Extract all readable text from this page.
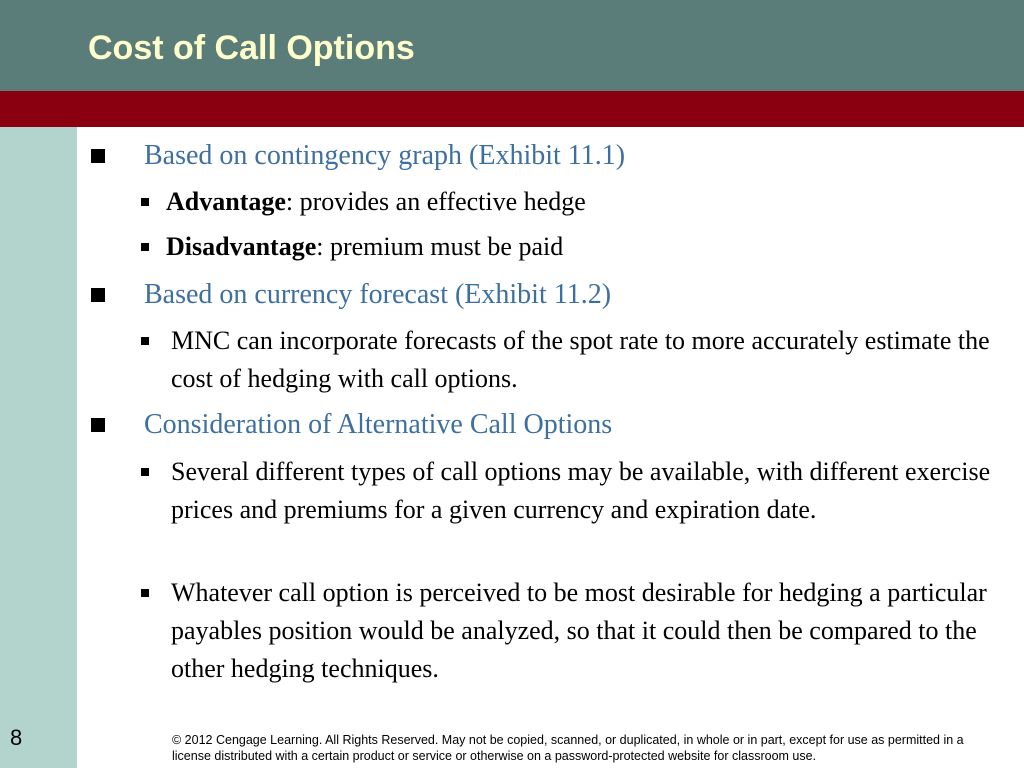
Cost of Call Options
8
Based on contingency graph (Exhibit 11.1)
Advantage: provides an effective hedge
Disadvantage: premium must be paid
Based on currency forecast (Exhibit 11.2)
MNC can incorporate forecasts of the spot rate to more accurately estimate the cost of hedging with call options.
Consideration of Alternative Call Options
Several different types of call options may be available, with different exercise prices and premiums for a given currency and expiration date.
Whatever call option is perceived to be most desirable for hedging a particular payables position would be analyzed, so that it could then be compared to the other hedging techniques.
© 2012 Cengage Learning. All Rights Reserved. May not be copied, scanned, or duplicated, in whole or in part, except for use as permitted in a license distributed with a certain product or service or otherwise on a password-protected website for classroom use.
